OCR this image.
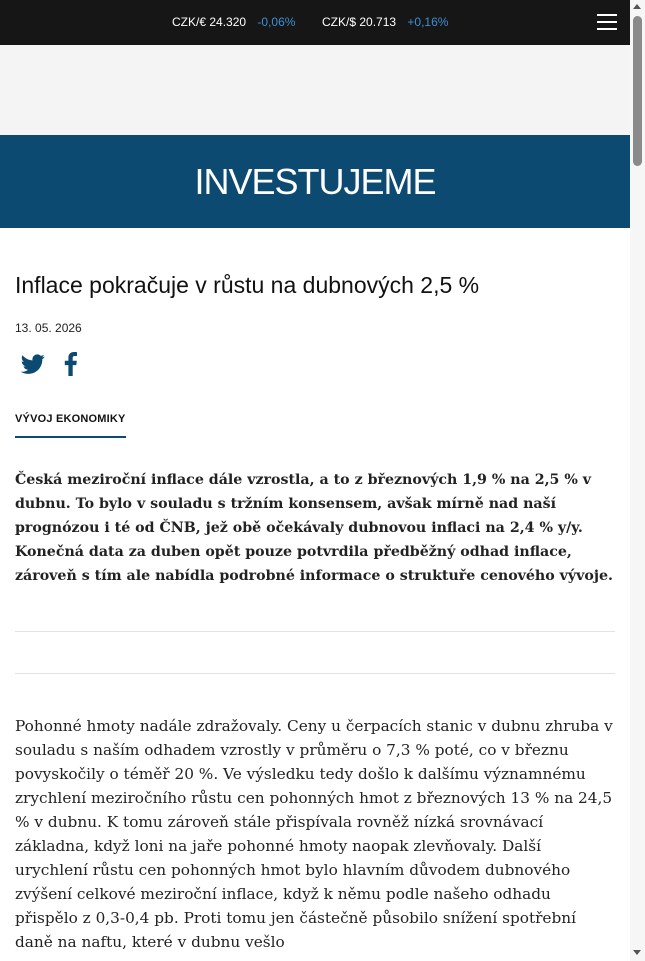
CZK/€ 24.320 -0,06% CZK/$ 20.713 +0,16%
INVESTUJEME
Inflace pokračuje v růstu na dubnových 2,5 %
13. 05. 2026
VÝVOJ EKONOMIKY

Česká meziroční inflace dále vzrostla, a to z březnových 1,9 % na 2,5 % v dubnu. To bylo v souladu s tržním konsensem, avšak mírně nad naší prognózou i té od ČNB, jež obě očekávaly dubnovou inflaci na 2,4 % y/y. Konečná data za duben opět pouze potvrdila předběžný odhad inflace, zároveň s tím ale nabídla podrobné informace o struktuře cenového vývoje.

Pohonné hmoty nadále zdražovaly. Ceny u čerpacích stanic v dubnu zhruba v souladu s naším odhadem vzrostly v průměru o 7,3 % poté, co v březnu povyskočily o téměř 20 %. Ve výsledku tedy došlo k dalšímu významnému zrychlení meziročního růstu cen pohonných hmot z březnových 13 % na 24,5 % v dubnu. K tomu zároveň stále přispívala rovněž nízká srovnávací základna, když loni na jaře pohonné hmoty naopak zlevňovaly. Další urychlení růstu cen pohonných hmot bylo hlavním důvodem dubnového zvýšení celkové meziroční inflace, když k němu podle našeho odhadu přispělo z 0,3-0,4 pb. Proti tomu jen částečně působilo snížení spotřební daně na naftu, které v dubnu vešlo
